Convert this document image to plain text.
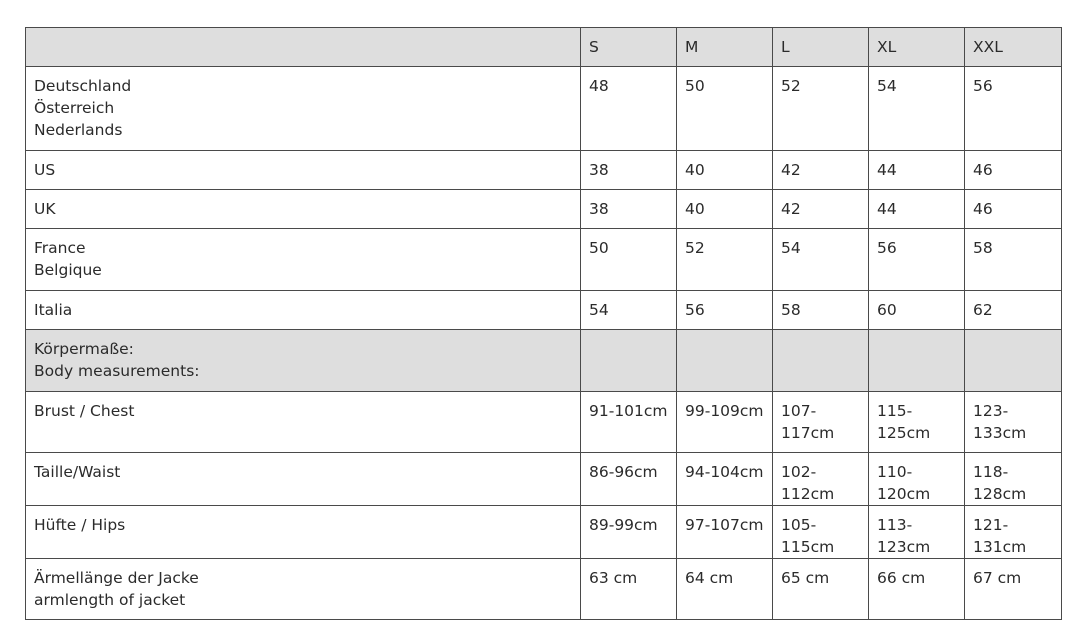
	S	M	L	XL	XXL

Deutschland
Österreich
Nederlands	48	50	52	54	56

US	38	40	42	44	46

UK	38	40	42	44	46

France
Belgique	50	52	54	56	58

Italia	54	56	58	60	62

Körpermaße:
Body measurements:					

Brust / Chest	91-101cm	99-109cm	107-117cm	115-125cm	123-133cm

Taille/Waist	86-96cm	94-104cm	102-112cm	110-120cm	118-128cm

Hüfte / Hips	89-99cm	97-107cm	105-115cm	113-123cm	121-131cm

Ärmellänge der Jacke
armlength of jacket	63 cm	64 cm	65 cm	66 cm	67 cm
